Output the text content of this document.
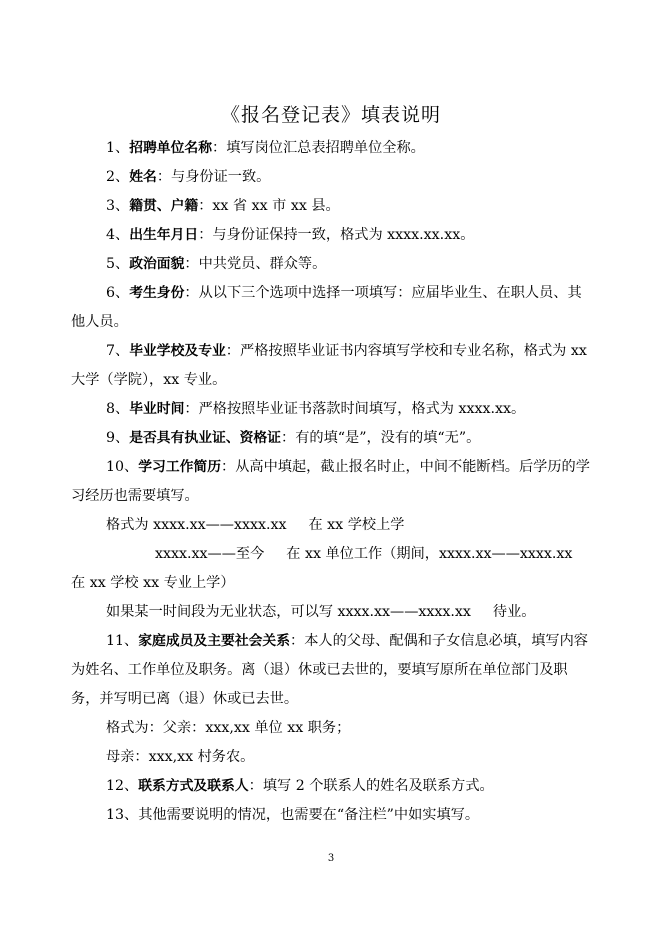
《报名登记表》填表说明

1、招聘单位名称：填写岗位汇总表招聘单位全称。

2、姓名：与身份证一致。

3、籍贯、户籍：xx 省 xx 市 xx 县。

4、出生年月日：与身份证保持一致，格式为 xxxx.xx.xx。

5、政治面貌：中共党员、群众等。

6、考生身份：从以下三个选项中选择一项填写：应届毕业生、在职人员、其他人员。

7、毕业学校及专业：严格按照毕业证书内容填写学校和专业名称，格式为 xx 大学（学院），xx 专业。

8、毕业时间：严格按照毕业证书落款时间填写，格式为 xxxx.xx。

9、是否具有执业证、资格证：有的填“是”，没有的填“无”。

10、学习工作简历：从高中填起，截止报名时止，中间不能断档。后学历的学习经历也需要填写。

格式为 xxxx.xx——xxxx.xx 在 xx 学校上学

xxxx.xx——至今 在 xx 单位工作（期间，xxxx.xx——xxxx.xx

在 xx 学校 xx 专业上学）

如果某一时间段为无业状态，可以写 xxxx.xx——xxxx.xx 待业。

11、家庭成员及主要社会关系：本人的父母、配偶和子女信息必填，填写内容为姓名、工作单位及职务。离（退）休或已去世的，要填写原所在单位部门及职务，并写明已离（退）休或已去世。

格式为：父亲：xxx,xx 单位 xx 职务；

母亲：xxx,xx 村务农。

12、联系方式及联系人：填写 2 个联系人的姓名及联系方式。

13、其他需要说明的情况，也需要在“备注栏”中如实填写。

3
